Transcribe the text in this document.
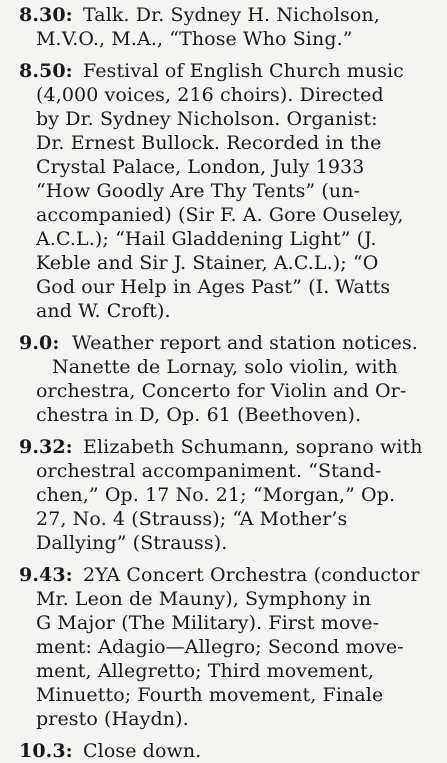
8.30: Talk. Dr. Sydney H. Nicholson,
M.V.O., M.A., “Those Who Sing.”
8.50: Festival of English Church music
(4,000 voices, 216 choirs). Directed
by Dr. Sydney Nicholson. Organist:
Dr. Ernest Bullock. Recorded in the
Crystal Palace, London, July 1933
“How Goodly Are Thy Tents” (un-
accompanied) (Sir F. A. Gore Ouseley,
A.C.L.); “Hail Gladdening Light” (J.
Keble and Sir J. Stainer, A.C.L.); “O
God our Help in Ages Past” (I. Watts
and W. Croft).
9.0: Weather report and station notices.
Nanette de Lornay, solo violin, with
orchestra, Concerto for Violin and Or-
chestra in D, Op. 61 (Beethoven).
9.32: Elizabeth Schumann, soprano with
orchestral accompaniment. “Stand-
chen,” Op. 17 No. 21; “Morgan,” Op.
27, No. 4 (Strauss); “A Mother’s
Dallying” (Strauss).
9.43: 2YA Concert Orchestra (conductor
Mr. Leon de Mauny), Symphony in
G Major (The Military). First move-
ment: Adagio—Allegro; Second move-
ment, Allegretto; Third movement,
Minuetto; Fourth movement, Finale
presto (Haydn).
10.3: Close down.
